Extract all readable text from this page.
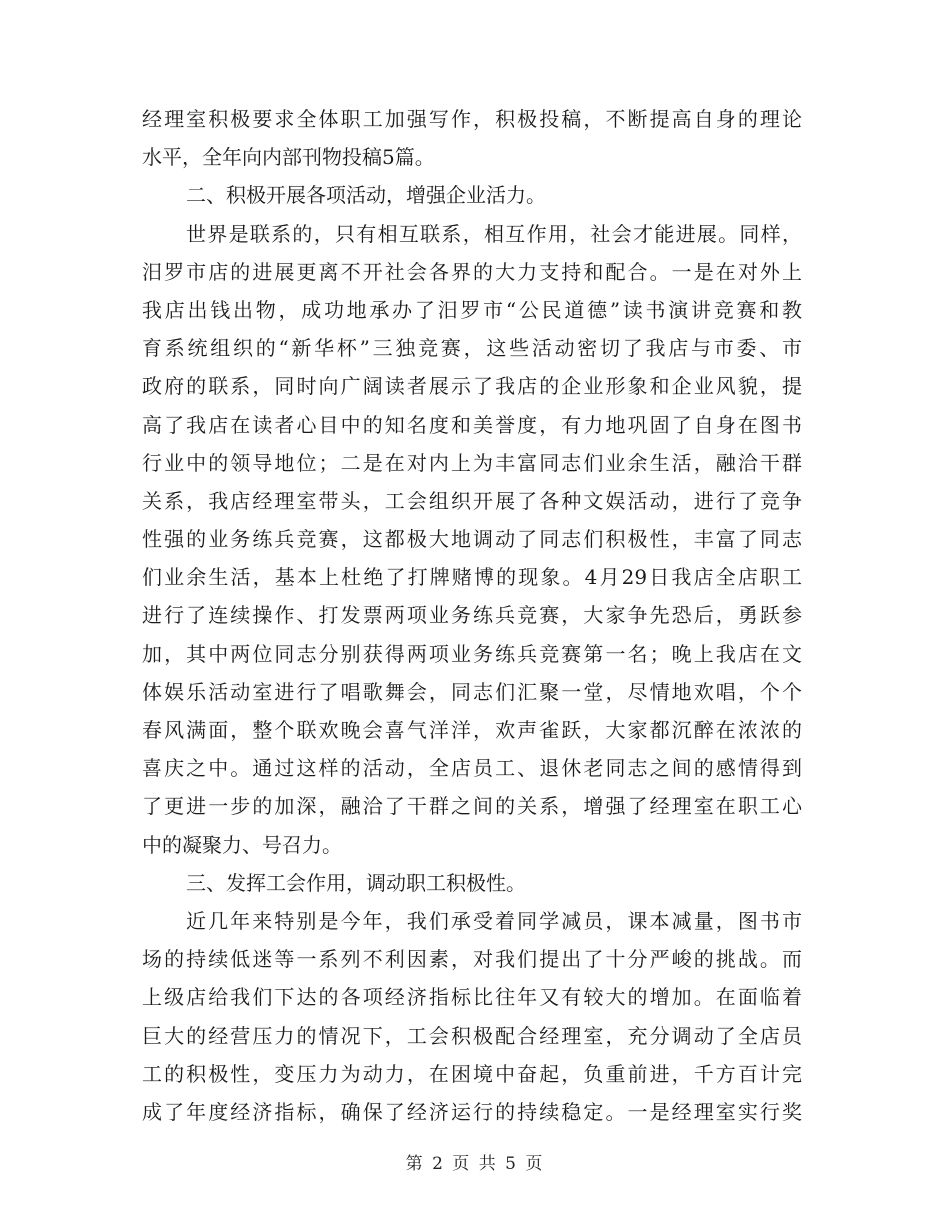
经理室积极要求全体职工加强写作，积极投稿，不断提高自身的理论
水平，全年向内部刊物投稿5篇。
二、积极开展各项活动，增强企业活力。
世界是联系的，只有相互联系，相互作用，社会才能进展。同样，
汨罗市店的进展更离不开社会各界的大力支持和配合。一是在对外上
我店出钱出物，成功地承办了汨罗市“公民道德”读书演讲竞赛和教
育系统组织的“新华杯”三独竞赛，这些活动密切了我店与市委、市
政府的联系，同时向广阔读者展示了我店的企业形象和企业风貌，提
高了我店在读者心目中的知名度和美誉度，有力地巩固了自身在图书
行业中的领导地位；二是在对内上为丰富同志们业余生活，融洽干群
关系，我店经理室带头，工会组织开展了各种文娱活动，进行了竞争
性强的业务练兵竞赛，这都极大地调动了同志们积极性，丰富了同志
们业余生活，基本上杜绝了打牌赌博的现象。4月29日我店全店职工
进行了连续操作、打发票两项业务练兵竞赛，大家争先恐后，勇跃参
加，其中两位同志分别获得两项业务练兵竞赛第一名；晚上我店在文
体娱乐活动室进行了唱歌舞会，同志们汇聚一堂，尽情地欢唱，个个
春风满面，整个联欢晚会喜气洋洋，欢声雀跃，大家都沉醉在浓浓的
喜庆之中。通过这样的活动，全店员工、退休老同志之间的感情得到
了更进一步的加深，融洽了干群之间的关系，增强了经理室在职工心
中的凝聚力、号召力。
三、发挥工会作用，调动职工积极性。
近几年来特别是今年，我们承受着同学减员，课本减量，图书市
场的持续低迷等一系列不利因素，对我们提出了十分严峻的挑战。而
上级店给我们下达的各项经济指标比往年又有较大的增加。在面临着
巨大的经营压力的情况下，工会积极配合经理室，充分调动了全店员
工的积极性，变压力为动力，在困境中奋起，负重前进，千方百计完
成了年度经济指标，确保了经济运行的持续稳定。一是经理室实行奖
第 2 页 共 5 页
